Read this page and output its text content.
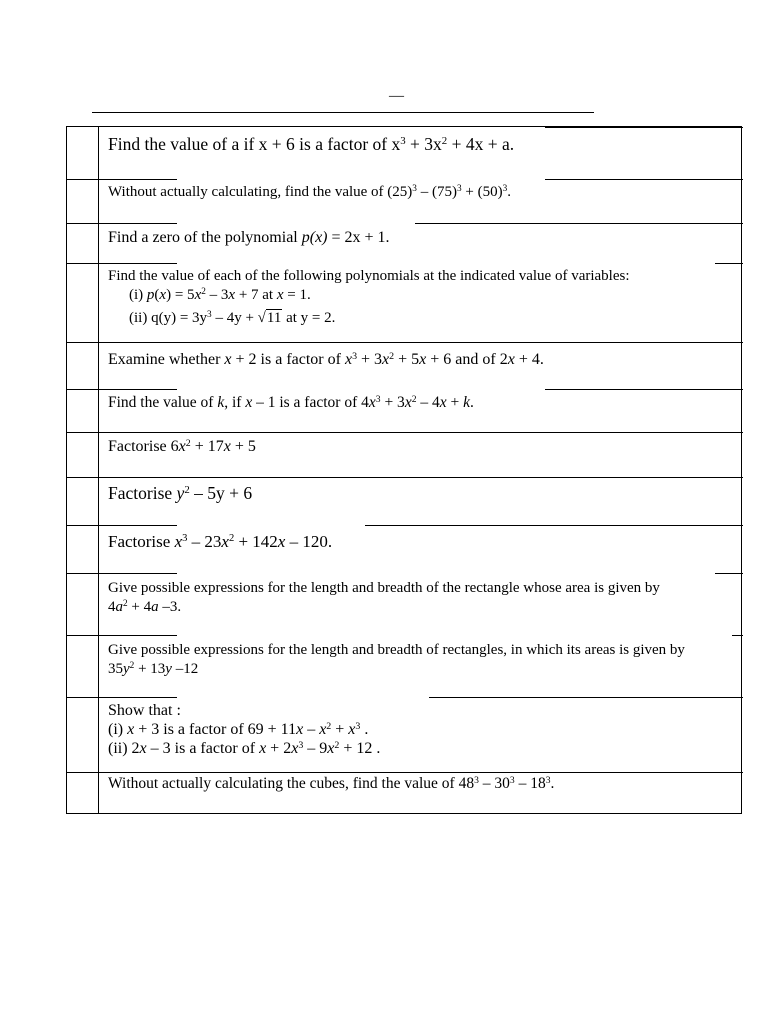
—
Find the value of a if x + 6 is a factor of $x^3 + 3x^2 + 4x + a$.
Without actually calculating, find the value of $(25)^3 - (75)^3 + (50)^3$.
Find a zero of the polynomial p(x) = 2x + 1.
Find the value of each of the following polynomials at the indicated value of variables:
(i) $p(x) = 5x^2 - 3x + 7$ at x = 1.
(ii) $q(y) = 3y^3 - 4y + √11$ at y = 2.
Examine whether x + 2 is a factor of $x^3 + 3x^2 + 5x + 6$ and of 2x + 4.
Find the value of k, if x – 1 is a factor of $4x^3 + 3x^2 - 4x + k$.
Factorise $6x^2 + 17x + 5$
Factorise $y^2 - 5y + 6$
Factorise $x^3 - 23x^2 + 142x - 120$.
Give possible expressions for the length and breadth of the rectangle whose area is given by
$4a^2 + 4a$ –3.
Give possible expressions for the length and breadth of rectangles, in which its areas is given by
$35y^2 + 13y$ –12
Show that :
(i) x + 3 is a factor of $69 + 11x - x^2 + x^3$ .
(ii) 2x – 3 is a factor of $x + 2x^3 - 9x^2 + 12$ .
Without actually calculating the cubes, find the value of $48^3 - 30^3 - 18^3$.
